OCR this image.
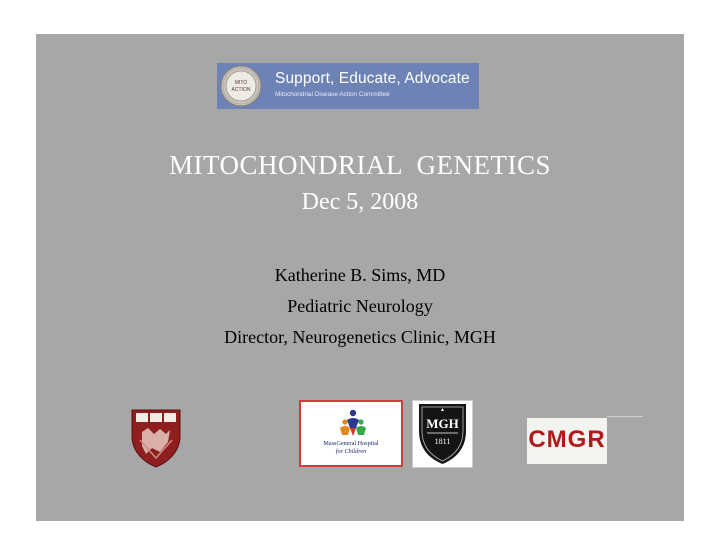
MITO
ACTION
Support, Educate, Advocate
Mitochondrial Disease Action Committee
MITOCHONDRIAL  GENETICS
Dec 5, 2008
Katherine B. Sims, MD
Pediatric Neurology
Director, Neurogenetics Clinic, MGH
MassGeneral Hospital
for Children
MGH
1811	CMGR
